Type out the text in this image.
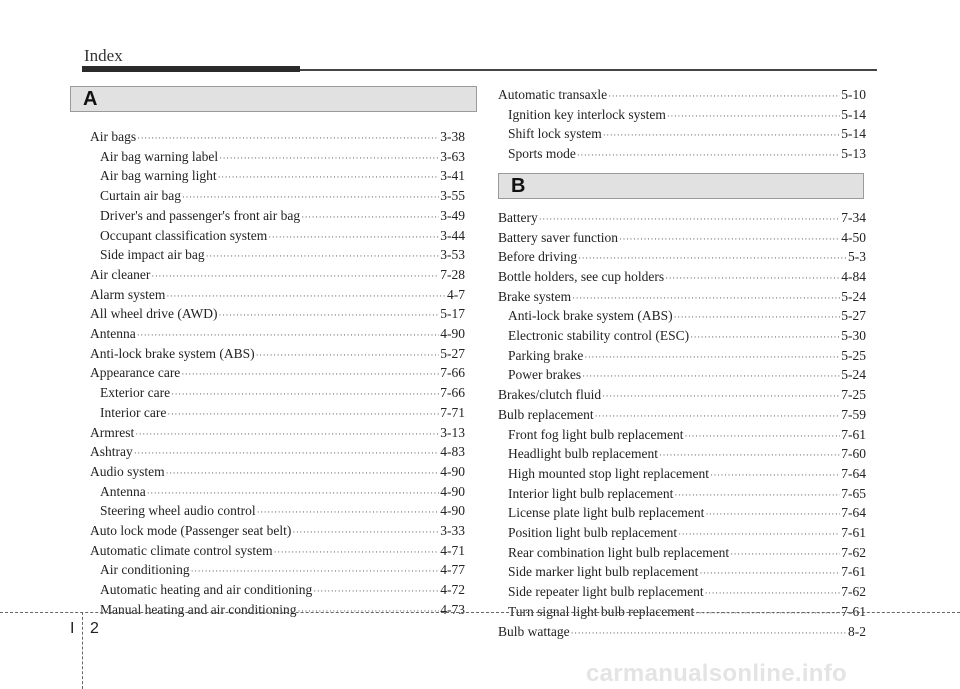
Index
A
Air bags ·····	3-38
Air bag warning label ·····	3-63
Air bag warning light ·····	3-41
Curtain air bag ·····	3-55
Driver's and passenger's front air bag ·····	3-49
Occupant classification system ·····	3-44
Side impact air bag ·····	3-53
Air cleaner ·····	7-28
Alarm system ·····	4-7
All wheel drive (AWD) ·····	5-17
Antenna ·····	4-90
Anti-lock brake system (ABS) ·····	5-27
Appearance care ·····	7-66
Exterior care ·····	7-66
Interior care ·····	7-71
Armrest ·····	3-13
Ashtray ·····	4-83
Audio system ·····	4-90
Antenna ·····	4-90
Steering wheel audio control ·····	4-90
Auto lock mode (Passenger seat belt) ·····	3-33
Automatic climate control system ·····	4-71
Air conditioning ·····	4-77
Automatic heating and air conditioning ·····	4-72
Manual heating and air conditioning ·····	4-73
Automatic transaxle ·····	5-10
Ignition key interlock system ·····	5-14
Shift lock system ·····	5-14
Sports mode ·····	5-13
B
Battery ·····	7-34
Battery saver function ·····	4-50
Before driving ·····	5-3
Bottle holders, see cup holders ·····	4-84
Brake system ·····	5-24
Anti-lock brake system (ABS) ·····	5-27
Electronic stability control (ESC) ·····	5-30
Parking brake ·····	5-25
Power brakes ·····	5-24
Brakes/clutch fluid ·····	7-25
Bulb replacement ·····	7-59
Front fog light bulb replacement ·····	7-61
Headlight bulb replacement ·····	7-60
High mounted stop light replacement ·····	7-64
Interior light bulb replacement ·····	7-65
License plate light bulb replacement ·····	7-64
Position light bulb replacement ·····	7-61
Rear combination light bulb replacement ·····	7-62
Side marker light bulb replacement ·····	7-61
Side repeater light bulb replacement ·····	7-62
Turn signal light bulb replacement ·····	7-61
Bulb wattage ·····	8-2
I 2
carmanualsonline.info
